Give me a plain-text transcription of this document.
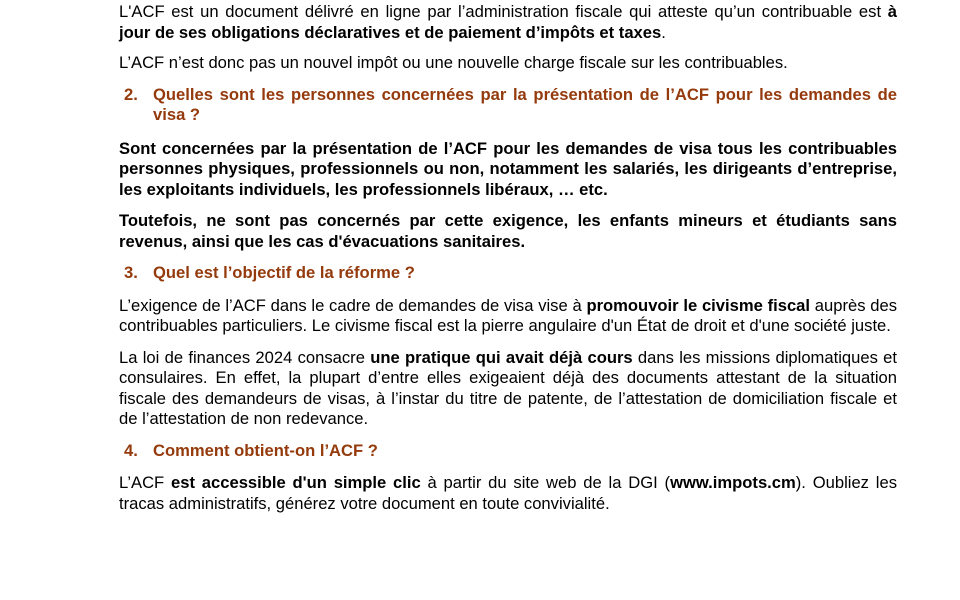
L'ACF est un document délivré en ligne par l’administration fiscale qui atteste qu’un contribuable est à jour de ses obligations déclaratives et de paiement d’impôts et taxes.

L’ACF n’est donc pas un nouvel impôt ou une nouvelle charge fiscale sur les contribuables.

2. Quelles sont les personnes concernées par la présentation de l’ACF pour les demandes de visa ?

Sont concernées par la présentation de l’ACF pour les demandes de visa tous les contribuables personnes physiques, professionnels ou non, notamment les salariés, les dirigeants d’entreprise, les exploitants individuels, les professionnels libéraux, … etc.

Toutefois, ne sont pas concernés par cette exigence, les enfants mineurs et étudiants sans revenus, ainsi que les cas d'évacuations sanitaires.

3. Quel est l’objectif de la réforme ?

L’exigence de l’ACF dans le cadre de demandes de visa vise à promouvoir le civisme fiscal auprès des contribuables particuliers. Le civisme fiscal est la pierre angulaire d'un État de droit et d'une société juste.

La loi de finances 2024 consacre une pratique qui avait déjà cours dans les missions diplomatiques et consulaires. En effet, la plupart d’entre elles exigeaient déjà des documents attestant de la situation fiscale des demandeurs de visas, à l’instar du titre de patente, de l’attestation de domiciliation fiscale et de l’attestation de non redevance.

4. Comment obtient-on l’ACF ?

L’ACF est accessible d'un simple clic à partir du site web de la DGI (www.impots.cm). Oubliez les tracas administratifs, générez votre document en toute convivialité.
